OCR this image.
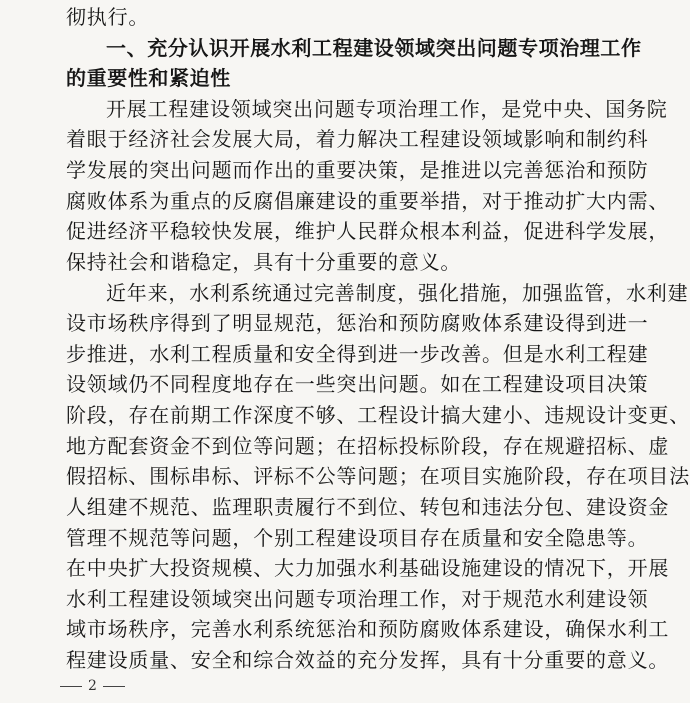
彻执行。
一、充分认识开展水利工程建设领域突出问题专项治理工作
的重要性和紧迫性
开展工程建设领域突出问题专项治理工作，是党中央、国务院
着眼于经济社会发展大局，着力解决工程建设领域影响和制约科
学发展的突出问题而作出的重要决策，是推进以完善惩治和预防
腐败体系为重点的反腐倡廉建设的重要举措，对于推动扩大内需、
促进经济平稳较快发展，维护人民群众根本利益，促进科学发展，
保持社会和谐稳定，具有十分重要的意义。
近年来，水利系统通过完善制度，强化措施，加强监管，水利建
设市场秩序得到了明显规范，惩治和预防腐败体系建设得到进一
步推进，水利工程质量和安全得到进一步改善。但是水利工程建
设领域仍不同程度地存在一些突出问题。如在工程建设项目决策
阶段，存在前期工作深度不够、工程设计搞大建小、违规设计变更、
地方配套资金不到位等问题；在招标投标阶段，存在规避招标、虚
假招标、围标串标、评标不公等问题；在项目实施阶段，存在项目法
人组建不规范、监理职责履行不到位、转包和违法分包、建设资金
管理不规范等问题，个别工程建设项目存在质量和安全隐患等。
在中央扩大投资规模、大力加强水利基础设施建设的情况下，开展
水利工程建设领域突出问题专项治理工作，对于规范水利建设领
2
域市场秩序，完善水利系统惩治和预防腐败体系建设，确保水利工
程建设质量、安全和综合效益的充分发挥，具有十分重要的意义。
